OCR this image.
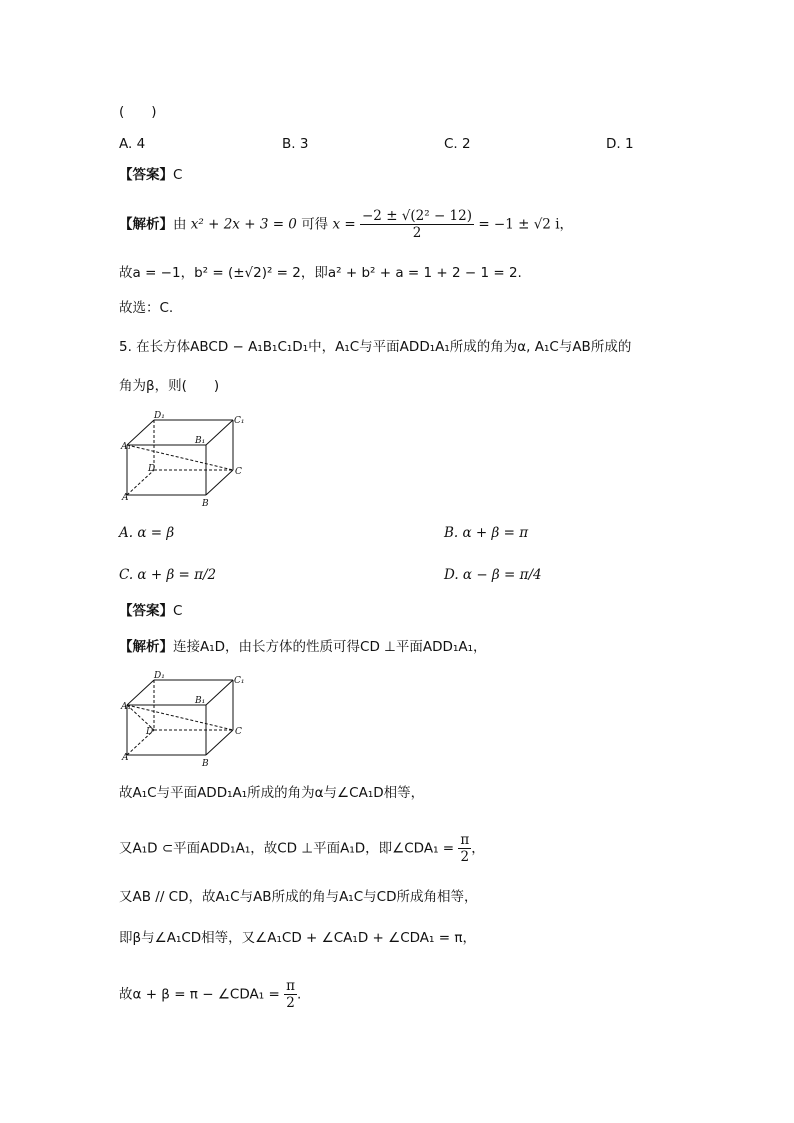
(　　)
A. 4	B. 3	C. 2	D. 1
【答案】C
【解析】由 x² + 2x + 3 = 0 可得 $x = \frac{\text{−2 ± √(2² − 12)}}{2} = -1 \pm √2$ i，
故a = −1，b² = (±√2)² = 2，即a² + b² + a = 1 + 2 − 1 = 2.
故选：C.
5. 在长方体ABCD − A₁B₁C₁D₁中，A₁C与平面ADD₁A₁所成的角为α, A₁C与AB所成的
角为β，则(　　)
D₁	C₁
A₁
B₁
D	C
A
B
A. α = β	B. α + β = π
C. α + β = π/2	D. α − β = π/4
【答案】C
【解析】连接A₁D，由长方体的性质可得CD ⊥平面ADD₁A₁，
D₁	C₁
A₁
B₁
D	C
A
B
故A₁C与平面ADD₁A₁所成的角为α与∠CA₁D相等，
又A₁D ⊂平面ADD₁A₁，故CD ⊥平面A₁D，即∠CDA₁ = $\frac{\pi}{2}$ ，
又AB // CD，故A₁C与AB所成的角与A₁C与CD所成角相等，
即β与∠A₁CD相等，又∠A₁CD + ∠CA₁D + ∠CDA₁ = π，
故α + β = π − ∠CDA₁ = $\frac{\pi}{2}$ .
